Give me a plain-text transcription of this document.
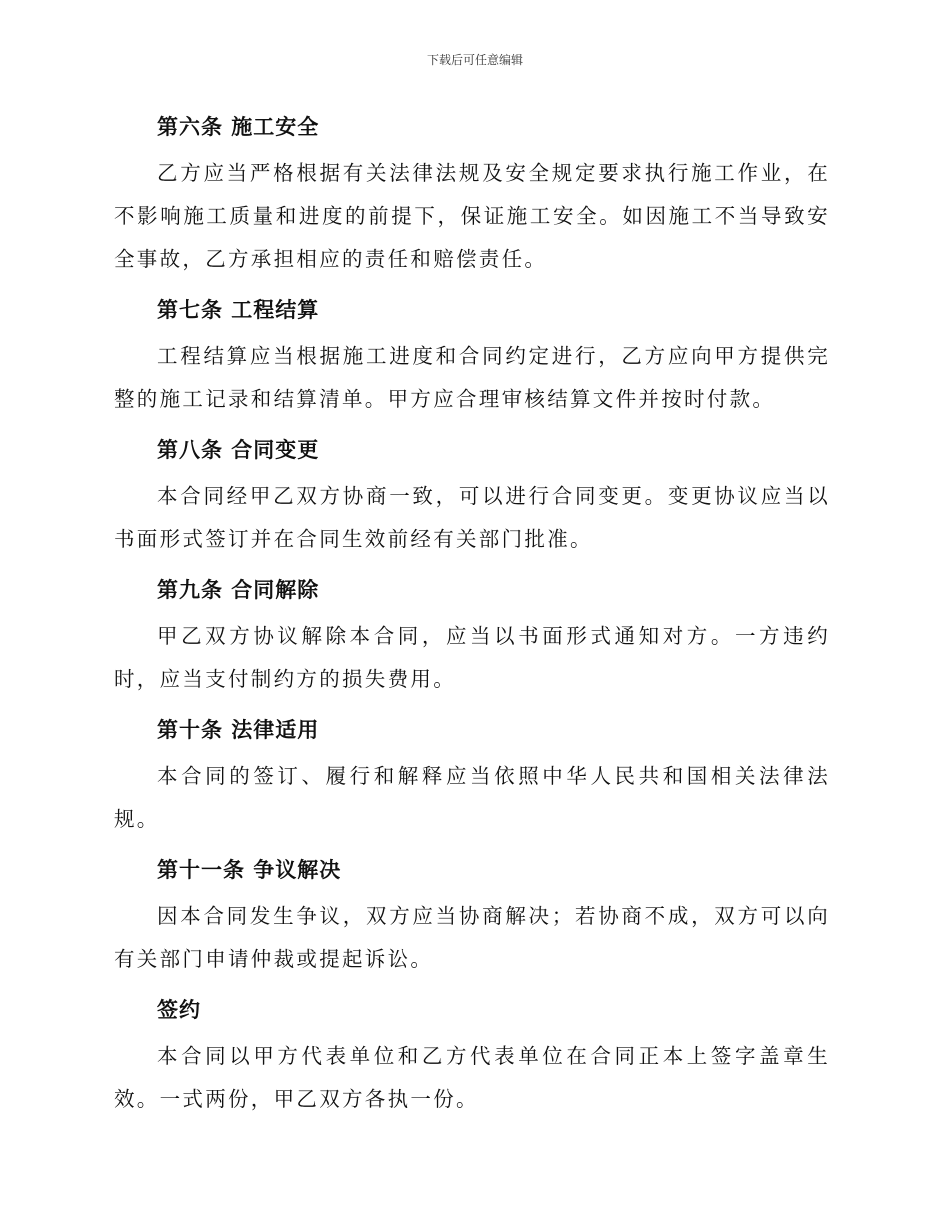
下载后可任意编辑

第六条 施工安全

乙方应当严格根据有关法律法规及安全规定要求执行施工作业，在不影响施工质量和进度的前提下，保证施工安全。如因施工不当导致安全事故，乙方承担相应的责任和赔偿责任。

第七条 工程结算

工程结算应当根据施工进度和合同约定进行，乙方应向甲方提供完整的施工记录和结算清单。甲方应合理审核结算文件并按时付款。

第八条 合同变更

本合同经甲乙双方协商一致，可以进行合同变更。变更协议应当以书面形式签订并在合同生效前经有关部门批准。

第九条 合同解除

甲乙双方协议解除本合同，应当以书面形式通知对方。一方违约时，应当支付制约方的损失费用。

第十条 法律适用

本合同的签订、履行和解释应当依照中华人民共和国相关法律法规。

第十一条 争议解决

因本合同发生争议，双方应当协商解决；若协商不成，双方可以向有关部门申请仲裁或提起诉讼。

签约

本合同以甲方代表单位和乙方代表单位在合同正本上签字盖章生效。一式两份，甲乙双方各执一份。
